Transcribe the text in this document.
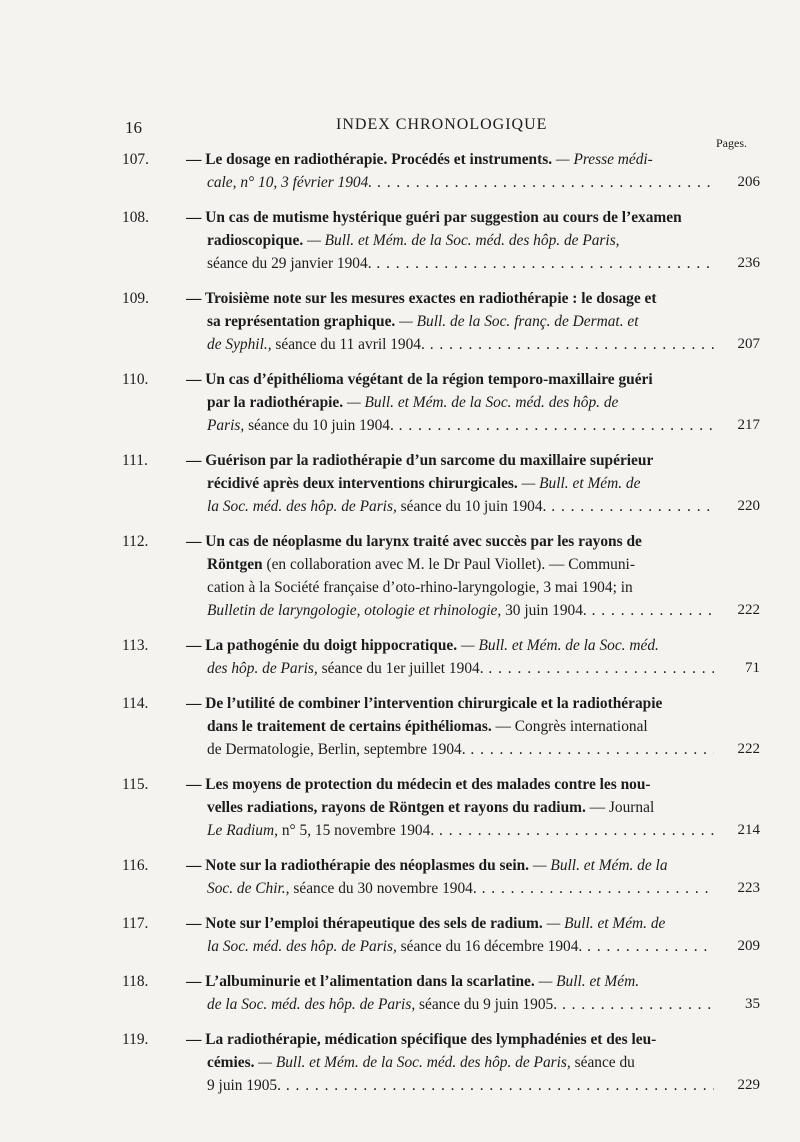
16	INDEX CHRONOLOGIQUE
Pages.
107.	— Le dosage en radiothérapie. Procédés et instruments. — Presse médi-
cale, n° 10, 3 février 1904. . . .	206
108.	— Un cas de mutisme hystérique guéri par suggestion au cours de l’examen
radioscopique. — Bull. et Mém. de la Soc. méd. des hôp. de Paris,
séance du 29 janvier 1904. . . .	236
109.	— Troisième note sur les mesures exactes en radiothérapie : le dosage et
sa représentation graphique. — Bull. de la Soc. franç. de Dermat. et
de Syphil., séance du 11 avril 1904. . . .	207
110.	— Un cas d’épithélioma végétant de la région temporo-maxillaire guéri
par la radiothérapie. — Bull. et Mém. de la Soc. méd. des hôp. de
Paris, séance du 10 juin 1904. . . .	217
111.	— Guérison par la radiothérapie d’un sarcome du maxillaire supérieur
récidivé après deux interventions chirurgicales. — Bull. et Mém. de
la Soc. méd. des hôp. de Paris, séance du 10 juin 1904. . . .	220
112.	— Un cas de néoplasme du larynx traité avec succès par les rayons de
Röntgen (en collaboration avec M. le Dr Paul Viollet). — Communi-
cation à la Société française d’oto-rhino-laryngologie, 3 mai 1904; in
Bulletin de laryngologie, otologie et rhinologie, 30 juin 1904. . . .	222
113.	— La pathogénie du doigt hippocratique. — Bull. et Mém. de la Soc. méd.
des hôp. de Paris, séance du 1er juillet 1904. . . .	71
114.	— De l’utilité de combiner l’intervention chirurgicale et la radiothérapie
dans le traitement de certains épithéliomas. — Congrès international
de Dermatologie, Berlin, septembre 1904. . . .	222
115.	— Les moyens de protection du médecin et des malades contre les nou-
velles radiations, rayons de Röntgen et rayons du radium. — Journal
Le Radium, n° 5, 15 novembre 1904. . . .	214
116.	— Note sur la radiothérapie des néoplasmes du sein. — Bull. et Mém. de la
Soc. de Chir., séance du 30 novembre 1904. . . .	223
117.	— Note sur l’emploi thérapeutique des sels de radium. — Bull. et Mém. de
la Soc. méd. des hôp. de Paris, séance du 16 décembre 1904. . . .	209
118.	— L’albuminurie et l’alimentation dans la scarlatine. — Bull. et Mém.
de la Soc. méd. des hôp. de Paris, séance du 9 juin 1905. . . .	35
119.	— La radiothérapie, médication spécifique des lymphadénies et des leu-
cémies. — Bull. et Mém. de la Soc. méd. des hôp. de Paris, séance du
9 juin 1905. . . .	229
